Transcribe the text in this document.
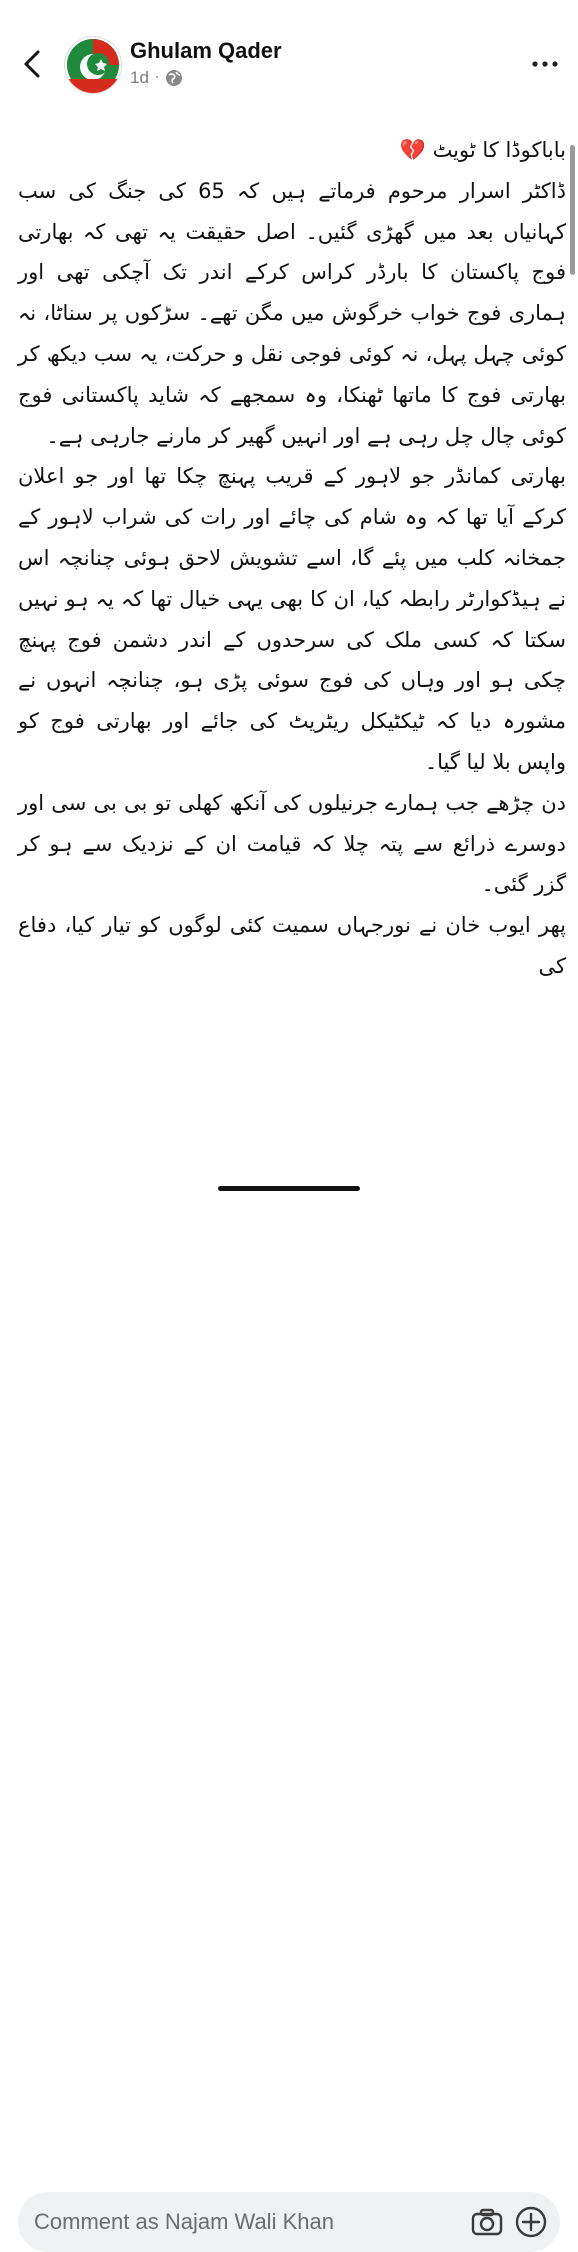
Ghulam Qader
1d ·

باباکوڈا کا ٹویٹ 💔

ڈاکٹر اسرار مرحوم فرماتے ہیں کہ 65 کی جنگ کی سب کہانیاں بعد میں گھڑی گئیں۔ اصل حقیقت یہ تھی کہ بھارتی فوج پاکستان کا بارڈر کراس کرکے اندر تک آچکی تھی اور ہماری فوج خواب خرگوش میں مگن تھے۔ سڑکوں پر سناٹا، نہ کوئی چہل پہل، نہ کوئی فوجی نقل و حرکت، یہ سب دیکھ کر بھارتی فوج کا ماتھا ٹھنکا، وہ سمجھے کہ شاید پاکستانی فوج کوئی چال چل رہی ہے اور انہیں گھیر کر مارنے جارہی ہے۔

بھارتی کمانڈر جو لاہور کے قریب پہنچ چکا تھا اور جو اعلان کرکے آیا تھا کہ وہ شام کی چائے اور رات کی شراب لاہور کے جمخانہ کلب میں پئے گا، اسے تشویش لاحق ہوئی چنانچہ اس نے ہیڈکوارٹر رابطہ کیا، ان کا بھی یہی خیال تھا کہ یہ ہو نہیں سکتا کہ کسی ملک کی سرحدوں کے اندر دشمن فوج پہنچ چکی ہو اور وہاں کی فوج سوئی پڑی ہو، چنانچہ انہوں نے مشورہ دیا کہ ٹیکٹیکل ریٹریٹ کی جائے اور بھارتی فوج کو واپس بلا لیا گیا۔

دن چڑھے جب ہمارے جرنیلوں کی آنکھ کھلی تو بی بی سی اور دوسرے ذرائع سے پتہ چلا کہ قیامت ان کے نزدیک سے ہو کر گزر گئی۔

پھر ایوب خان نے نورجہاں سمیت کئی لوگوں کو تیار کیا، دفاع کی

Comment as Najam Wali Khan
